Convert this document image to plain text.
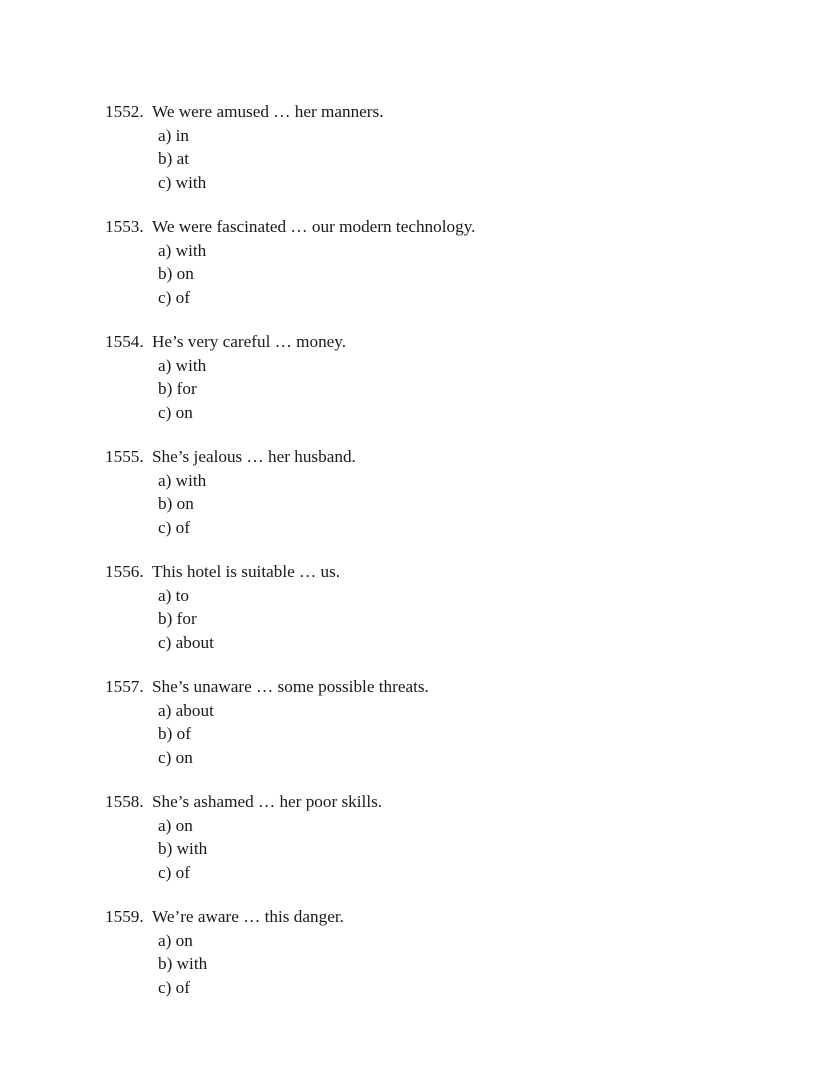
1552. We were amused … her manners.
a) in
b) at
c) with
1553. We were fascinated … our modern technology.
a) with
b) on
c) of
1554. He’s very careful … money.
a) with
b) for
c) on
1555. She’s jealous … her husband.
a) with
b) on
c) of
1556. This hotel is suitable … us.
a) to
b) for
c) about
1557. She’s unaware … some possible threats.
a) about
b) of
c) on
1558. She’s ashamed … her poor skills.
a) on
b) with
c) of
1559. We’re aware … this danger.
a) on
b) with
c) of
